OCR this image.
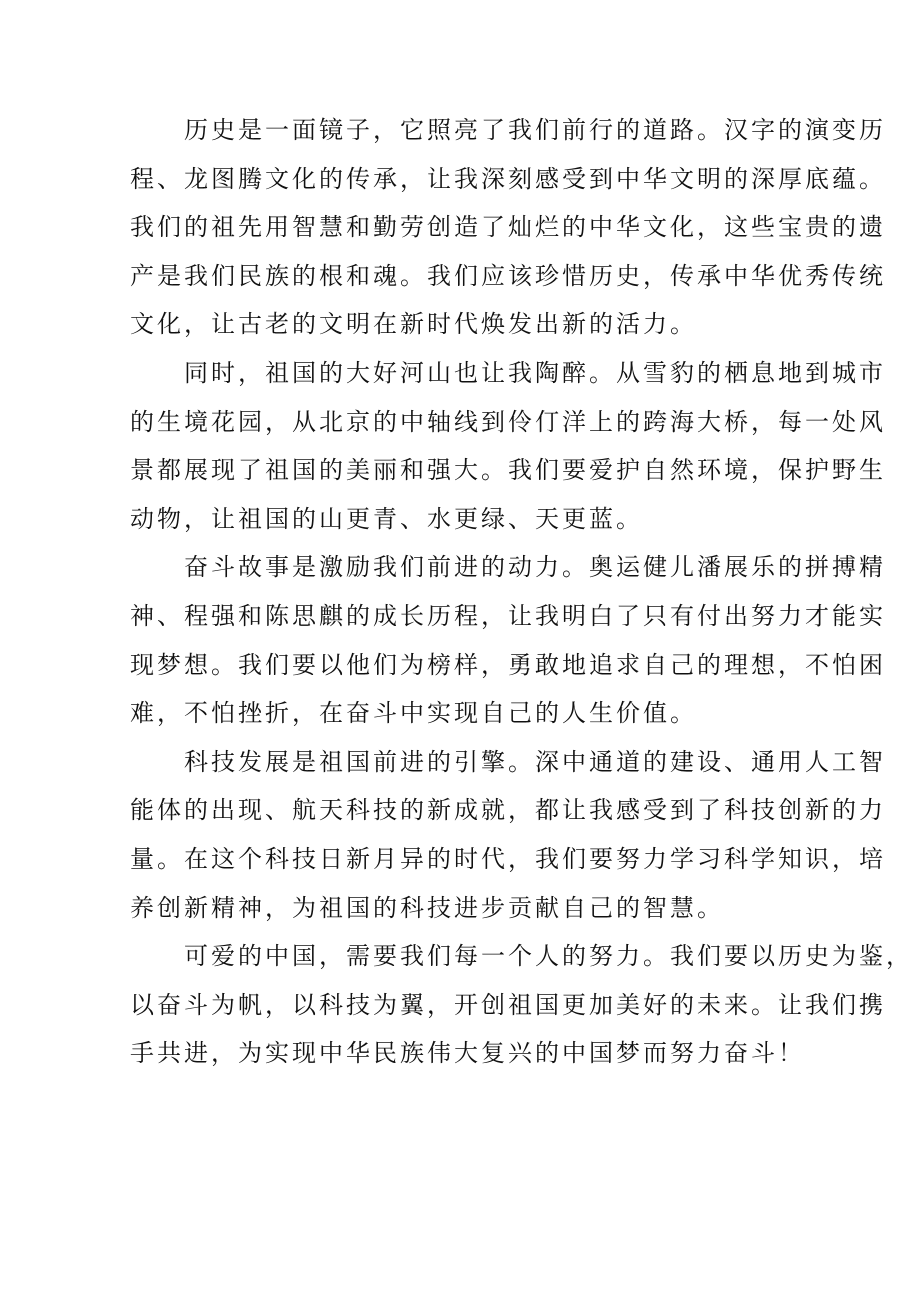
历史是一面镜子，它照亮了我们前行的道路。汉字的演变历
程、龙图腾文化的传承，让我深刻感受到中华文明的深厚底蕴。
我们的祖先用智慧和勤劳创造了灿烂的中华文化，这些宝贵的遗
产是我们民族的根和魂。我们应该珍惜历史，传承中华优秀传统
文化，让古老的文明在新时代焕发出新的活力。
同时，祖国的大好河山也让我陶醉。从雪豹的栖息地到城市
的生境花园，从北京的中轴线到伶仃洋上的跨海大桥，每一处风
景都展现了祖国的美丽和强大。我们要爱护自然环境，保护野生
动物，让祖国的山更青、水更绿、天更蓝。
奋斗故事是激励我们前进的动力。奥运健儿潘展乐的拼搏精
神、程强和陈思麒的成长历程，让我明白了只有付出努力才能实
现梦想。我们要以他们为榜样，勇敢地追求自己的理想，不怕困
难，不怕挫折，在奋斗中实现自己的人生价值。
科技发展是祖国前进的引擎。深中通道的建设、通用人工智
能体的出现、航天科技的新成就，都让我感受到了科技创新的力
量。在这个科技日新月异的时代，我们要努力学习科学知识，培
养创新精神，为祖国的科技进步贡献自己的智慧。
可爱的中国，需要我们每一个人的努力。我们要以历史为鉴，
以奋斗为帆，以科技为翼，开创祖国更加美好的未来。让我们携
手共进，为实现中华民族伟大复兴的中国梦而努力奋斗！
